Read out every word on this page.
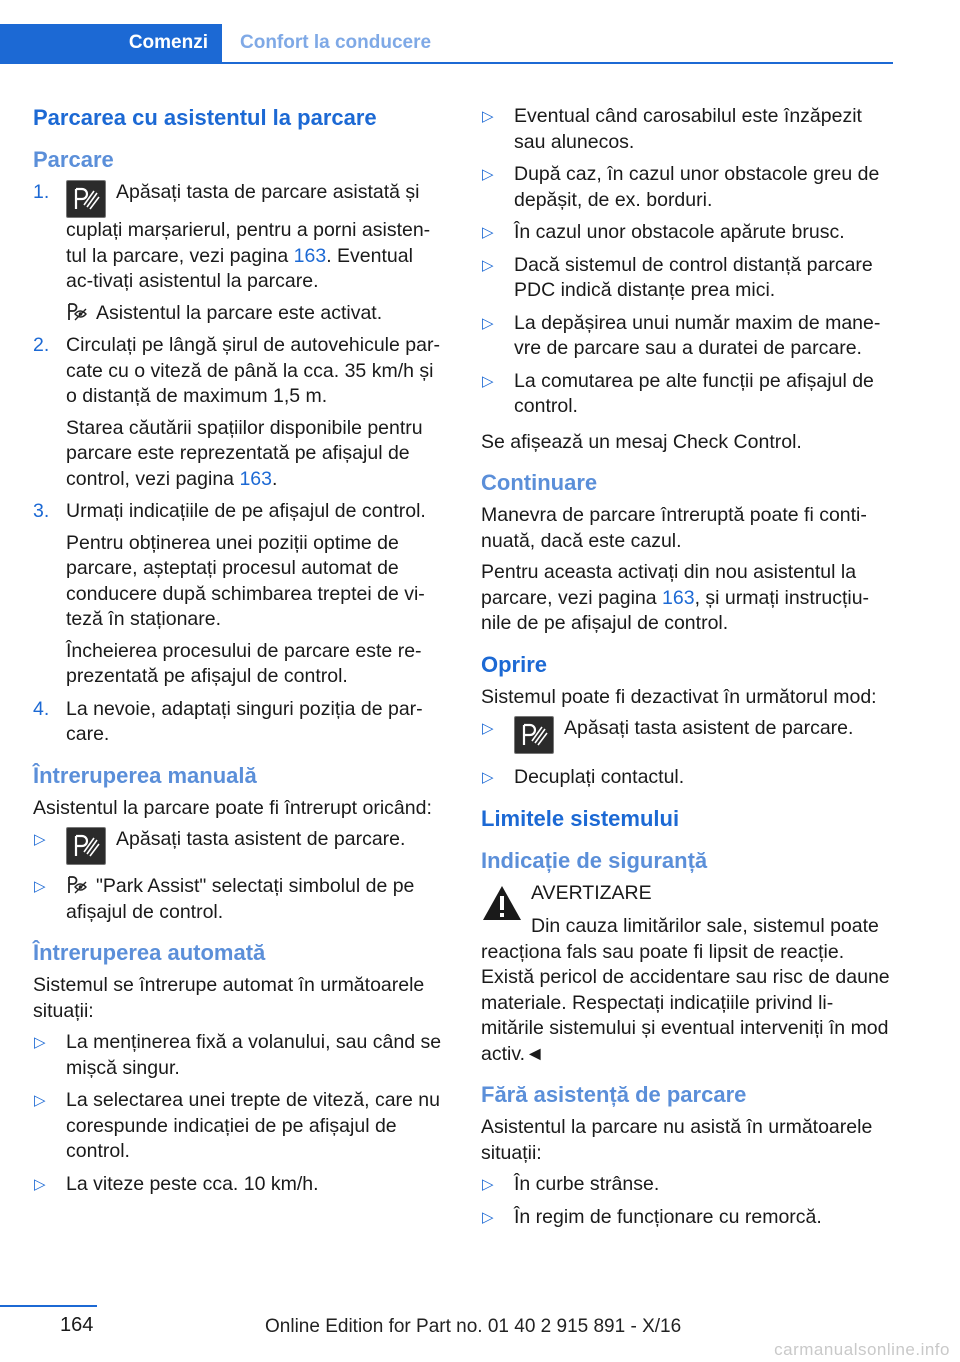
Comenzi Confort la conducere
Parcarea cu asistentul la parcare
Parcare
1.	Apăsați tasta de parcare asistată și cuplați marșarierul, pentru a porni asisten‐tul la parcare, vezi pagina 163. Eventual ac‐tivați asistentul la parcare.

Asistentul la parcare este activat.

2. Circulați pe lângă șirul de autovehicule par‐cate cu o viteză de până la cca. 35 km/h și o distanță de maximum 1,5 m.

Starea căutării spațiilor disponibile pentru parcare este reprezentată pe afișajul de control, vezi pagina 163.

3. Urmați indicațiile de pe afișajul de control.

Pentru obținerea unei poziții optime de parcare, așteptați procesul automat de conducere după schimbarea treptei de vi‐teză în staționare.

Încheierea procesului de parcare este re‐prezentată pe afișajul de control.

4. La nevoie, adaptați singuri poziția de par‐care.
Întreruperea manuală

Asistentul la parcare poate fi întrerupt oricând:

▷	Apăsați tasta asistent de parcare.
▷	"Park Assist" selectați simbolul de pe afișajul de control.
Întreruperea automată

Sistemul se întrerupe automat în următoarele situații:

▷ La menținerea fixă a volanului, sau când se mișcă singur.
▷ La selectarea unei trepte de viteză, care nu corespunde indicației de pe afișajul de control.
▷ La viteze peste cca. 10 km/h.
▷ Eventual când carosabilul este înzăpezit sau alunecos.
▷ După caz, în cazul unor obstacole greu de depășit, de ex. borduri.
▷ În cazul unor obstacole apărute brusc.
▷ Dacă sistemul de control distanță parcare PDC indică distanțe prea mici.
▷ La depășirea unui număr maxim de mane‐vre de parcare sau a duratei de parcare.
▷ La comutarea pe alte funcții pe afișajul de control.

Se afișează un mesaj Check Control.

Continuare

Manevra de parcare întreruptă poate fi conti‐nuată, dacă este cazul.

Pentru aceasta activați din nou asistentul la parcare, vezi pagina 163, și urmați instrucțiu‐nile de pe afișajul de control.

Oprire

Sistemul poate fi dezactivat în următorul mod:

▷	Apăsați tasta asistent de parcare.
▷ Decuplați contactul.
Limitele sistemului
Indicație de siguranță
AVERTIZARE
Din cauza limitărilor sale, sistemul poate

reacționa fals sau poate fi lipsit de reacție. Există pericol de accidentare sau risc de daune materiale. Respectați indicațiile privind li‐mitările sistemului și eventual interveniți în mod activ.◄

Fără asistență de parcare

Asistentul la parcare nu asistă în următoarele situații:

▷ În curbe strânse.
▷ În regim de funcționare cu remorcă.
164	Online Edition for Part no. 01 40 2 915 891 - X/16
carmanualsonline.info
